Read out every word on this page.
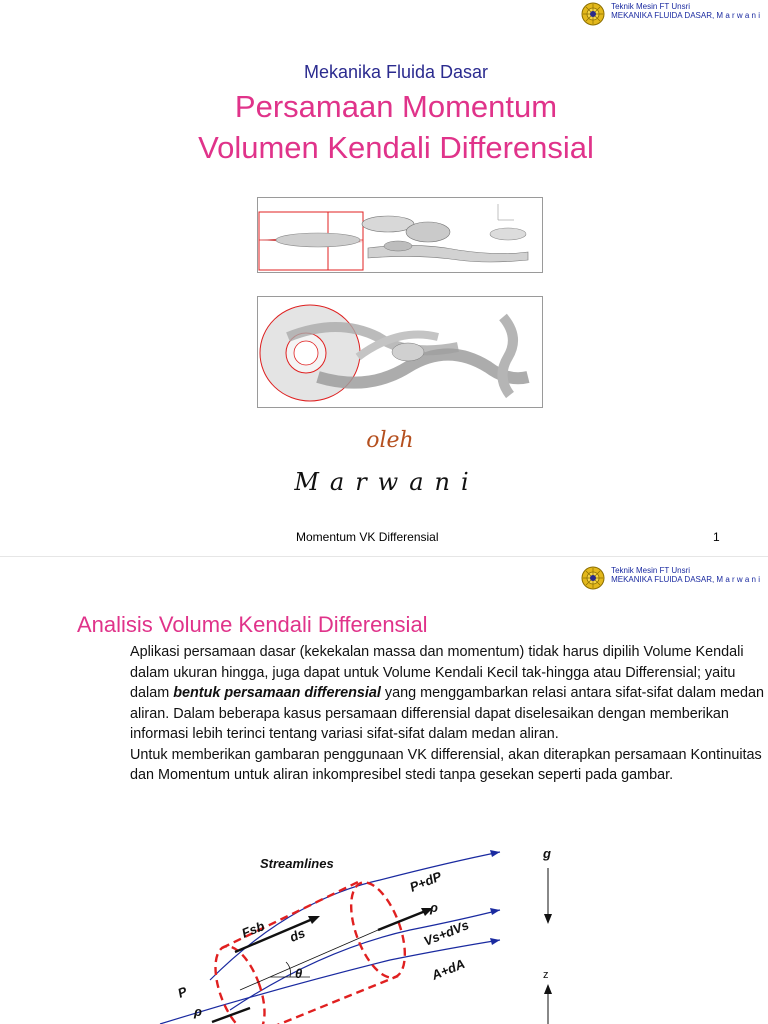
Teknik Mesin FT Unsri
MEKANIKA FLUIDA DASAR, M a r w a n i
Mekanika Fluida Dasar
Persamaan Momentum
Volumen Kendali Differensial
oleh
Marwani
Momentum VK Differensial	1
Teknik Mesin FT Unsri
MEKANIKA FLUIDA DASAR, M a r w a n i
Analisis Volume Kendali Differensial

Aplikasi persamaan dasar (kekekalan massa dan momentum) tidak harus dipilih Volume Kendali dalam ukuran hingga, juga dapat untuk Volume Kendali Kecil tak-hingga atau Differensial; yaitu dalam bentuk persamaan differensial yang menggambarkan relasi antara sifat-sifat dalam medan aliran. Dalam beberapa kasus persamaan differensial dapat diselesaikan dengan memberikan informasi lebih terinci tentang variasi sifat-sifat dalam medan aliran.

Untuk memberikan gambaran penggunaan VK differensial, akan diterapkan persamaan Kontinuitas dan Momentum untuk aliran inkompresibel stedi tanpa gesekan seperti pada gambar.

Streamlines
g
z
P+dP
ρ
Vs+dVs
A+dA
Fsb ds
θ
P
ρ
